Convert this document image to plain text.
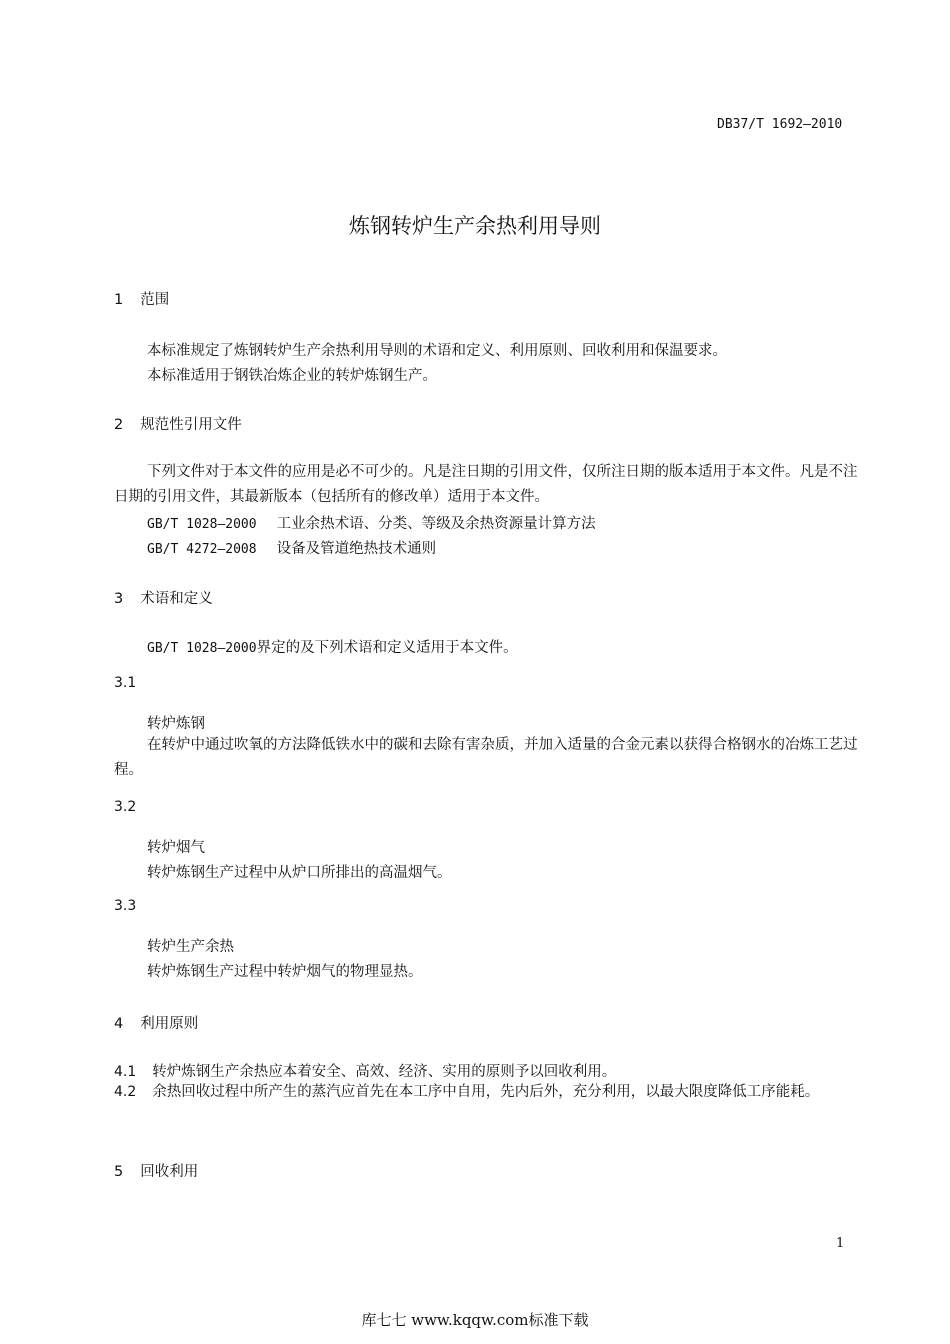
DB37/T 1692—2010
炼钢转炉生产余热利用导则
1 范围
本标准规定了炼钢转炉生产余热利用导则的术语和定义、利用原则、回收利用和保温要求。
本标准适用于钢铁冶炼企业的转炉炼钢生产。
2 规范性引用文件
下列文件对于本文件的应用是必不可少的。凡是注日期的引用文件，仅所注日期的版本适用于本文件。凡是不注日期的引用文件，其最新版本（包括所有的修改单）适用于本文件。
GB/T 1028—2000 工业余热术语、分类、等级及余热资源量计算方法
GB/T 4272—2008 设备及管道绝热技术通则
3 术语和定义
GB/T 1028—2000界定的及下列术语和定义适用于本文件。
3.1
转炉炼钢
在转炉中通过吹氧的方法降低铁水中的碳和去除有害杂质，并加入适量的合金元素以获得合格钢水的冶炼工艺过程。
3.2
转炉烟气
转炉炼钢生产过程中从炉口所排出的高温烟气。
3.3
转炉生产余热
转炉炼钢生产过程中转炉烟气的物理显热。
4 利用原则
4.1 转炉炼钢生产余热应本着安全、高效、经济、实用的原则予以回收利用。
4.2 余热回收过程中所产生的蒸汽应首先在本工序中自用，先内后外，充分利用，以最大限度降低工序能耗。
5 回收利用
1
库七七 www.kqqw.com标准下载
